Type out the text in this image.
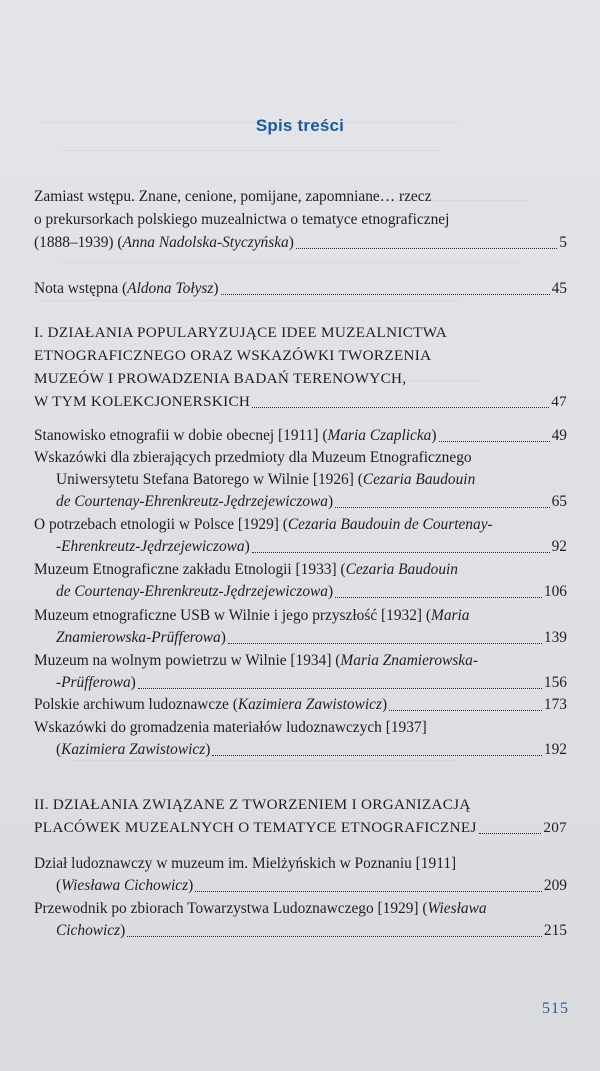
Spis treści
Zamiast wstępu. Znane, cenione, pomijane, zapomniane… rzecz
o prekursorkach polskiego muzealnictwa o tematyce etnograficznej
(1888–1939) (Anna Nadolska-Styczyńska)	5
Nota wstępna (Aldona Tołysz)	45
I. DZIAŁANIA POPULARYZUJĄCE IDEE MUZEALNICTWA
ETNOGRAFICZNEGO ORAZ WSKAZÓWKI TWORZENIA
MUZEÓW I PROWADZENIA BADAŃ TERENOWYCH,
W TYM KOLEKCJONERSKICH	47
Stanowisko etnografii w dobie obecnej [1911] (Maria Czaplicka)	49
Wskazówki dla zbierających przedmioty dla Muzeum Etnograficznego
Uniwersytetu Stefana Batorego w Wilnie [1926] (Cezaria Baudouin
de Courtenay-Ehrenkreutz-Jędrzejewiczowa)	65
O potrzebach etnologii w Polsce [1929] (Cezaria Baudouin de Courtenay-
-Ehrenkreutz-Jędrzejewiczowa)	92
Muzeum Etnograficzne zakładu Etnologii [1933] (Cezaria Baudouin
de Courtenay-Ehrenkreutz-Jędrzejewiczowa)	106
Muzeum etnograficzne USB w Wilnie i jego przyszłość [1932] (Maria
Znamierowska-Prüfferowa)	139
Muzeum na wolnym powietrzu w Wilnie [1934] (Maria Znamierowska-
-Prüfferowa)	156
Polskie archiwum ludoznawcze (Kazimiera Zawistowicz)	173
Wskazówki do gromadzenia materiałów ludoznawczych [1937]
(Kazimiera Zawistowicz)	192
II. DZIAŁANIA ZWIĄZANE Z TWORZENIEM I ORGANIZACJĄ
PLACÓWEK MUZEALNYCH O TEMATYCE ETNOGRAFICZNEJ	207
Dział ludoznawczy w muzeum im. Mielżyńskich w Poznaniu [1911]
(Wiesława Cichowicz)	209
Przewodnik po zbiorach Towarzystwa Ludoznawczego [1929] (Wiesława
Cichowicz)	215
515
